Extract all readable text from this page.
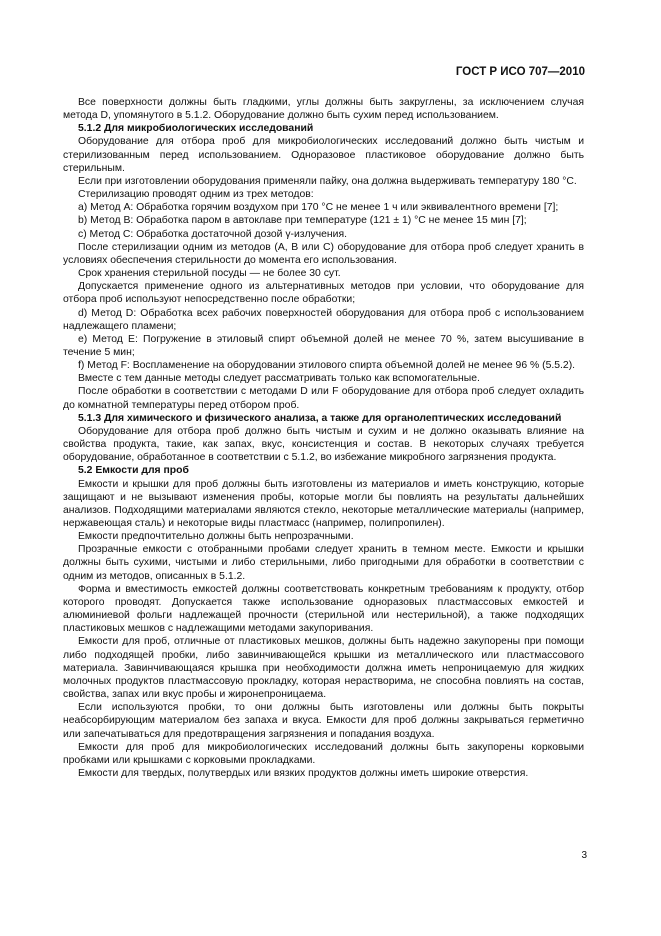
ГОСТ Р ИСО 707—2010

Все поверхности должны быть гладкими, углы должны быть закруглены, за исключением случая метода D, упомянутого в 5.1.2. Оборудование должно быть сухим перед использованием.

5.1.2 Для микробиологических исследований

Оборудование для отбора проб для микробиологических исследований должно быть чистым и стерилизованным перед использованием. Одноразовое пластиковое оборудование должно быть стерильным.

Если при изготовлении оборудования применяли пайку, она должна выдерживать температуру 180 °С.

Стерилизацию проводят одним из трех методов:

a) Метод А: Обработка горячим воздухом при 170 °С не менее 1 ч или эквивалентного времени [7];

b) Метод В: Обработка паром в автоклаве при температуре (121 ± 1) °С не менее 15 мин [7];

c) Метод С: Обработка достаточной дозой γ-излучения.

После стерилизации одним из методов (А, В или С) оборудование для отбора проб следует хранить в условиях обеспечения стерильности до момента его использования.

Срок хранения стерильной посуды — не более 30 сут.

Допускается применение одного из альтернативных методов при условии, что оборудование для отбора проб используют непосредственно после обработки;

d) Метод D: Обработка всех рабочих поверхностей оборудования для отбора проб с использованием надлежащего пламени;

e) Метод Е: Погружение в этиловый спирт объемной долей не менее 70 %, затем высушивание в течение 5 мин;

f) Метод F: Воспламенение на оборудовании этилового спирта объемной долей не менее 96 % (5.5.2).

Вместе с тем данные методы следует рассматривать только как вспомогательные.

После обработки в соответствии с методами D или F оборудование для отбора проб следует охладить до комнатной температуры перед отбором проб.

5.1.3 Для химического и физического анализа, а также для органолептических исследований

Оборудование для отбора проб должно быть чистым и сухим и не должно оказывать влияние на свойства продукта, такие, как запах, вкус, консистенция и состав. В некоторых случаях требуется оборудование, обработанное в соответствии с 5.1.2, во избежание микробного загрязнения продукта.

5.2 Емкости для проб

Емкости и крышки для проб должны быть изготовлены из материалов и иметь конструкцию, которые защищают и не вызывают изменения пробы, которые могли бы повлиять на результаты дальнейших анализов. Подходящими материалами являются стекло, некоторые металлические материалы (например, нержавеющая сталь) и некоторые виды пластмасс (например, полипропилен).

Емкости предпочтительно должны быть непрозрачными.

Прозрачные емкости с отобранными пробами следует хранить в темном месте. Емкости и крышки должны быть сухими, чистыми и либо стерильными, либо пригодными для обработки в соответствии с одним из методов, описанных в 5.1.2.

Форма и вместимость емкостей должны соответствовать конкретным требованиям к продукту, отбор которого проводят. Допускается также использование одноразовых пластмассовых емкостей и алюминиевой фольги надлежащей прочности (стерильной или нестерильной), а также подходящих пластиковых мешков с надлежащими методами закупоривания.

Емкости для проб, отличные от пластиковых мешков, должны быть надежно закупорены при помощи либо подходящей пробки, либо завинчивающейся крышки из металлического или пластмассового материала. Завинчивающаяся крышка при необходимости должна иметь непроницаемую для жидких молочных продуктов пластмассовую прокладку, которая нерастворима, не способна повлиять на состав, свойства, запах или вкус пробы и жиронепроницаема.

Если используются пробки, то они должны быть изготовлены или должны быть покрыты неабсорбирующим материалом без запаха и вкуса. Емкости для проб должны закрываться герметично или запечатываться для предотвращения загрязнения и попадания воздуха.

Емкости для проб для микробиологических исследований должны быть закупорены корковыми пробками или крышками с корковыми прокладками.

Емкости для твердых, полутвердых или вязких продуктов должны иметь широкие отверстия.

3
